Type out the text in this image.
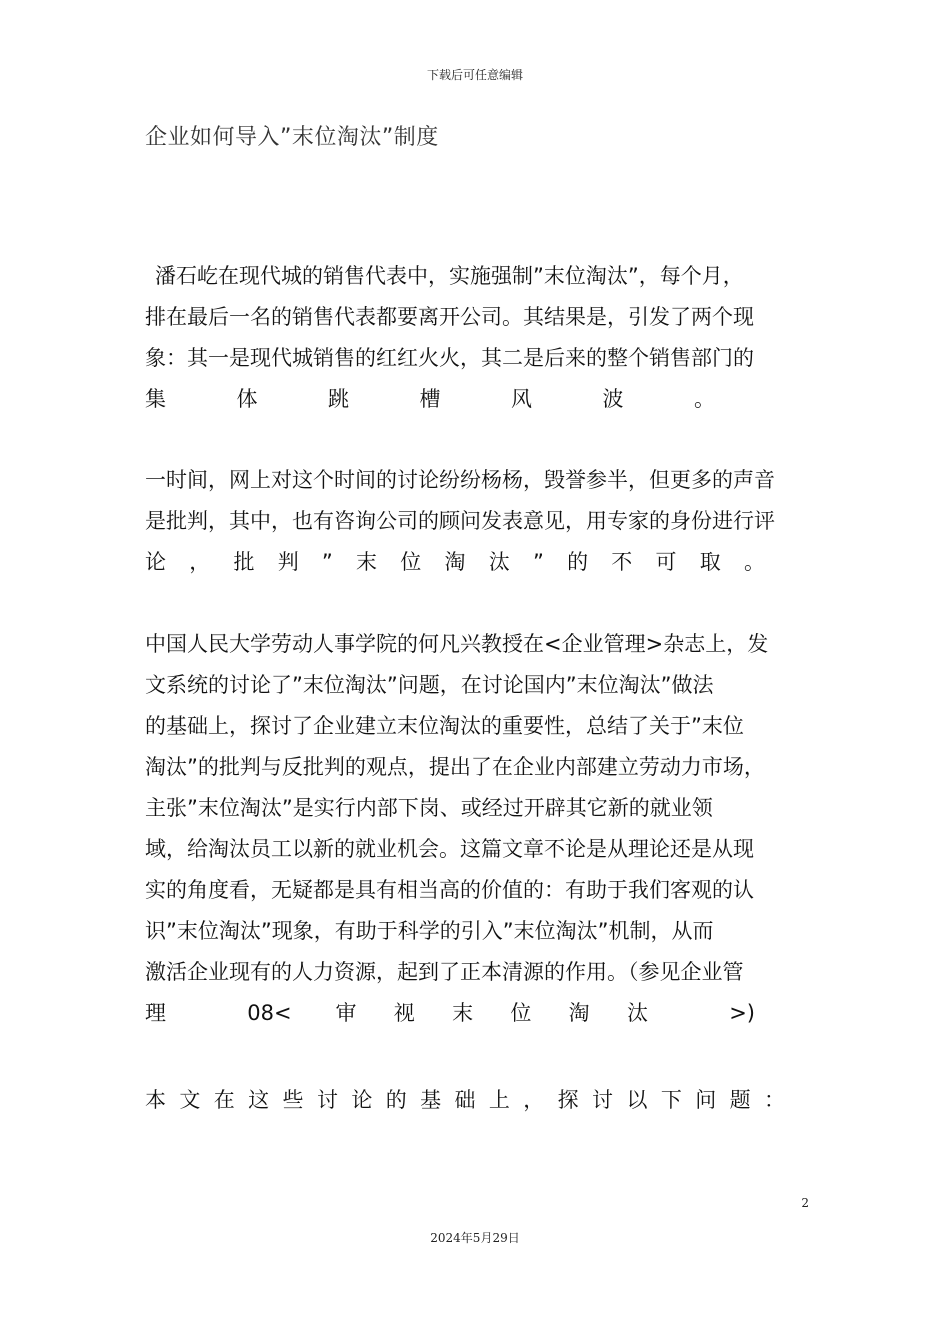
下载后可任意编辑
企业如何导入”末位淘汰”制度
潘石屹在现代城的销售代表中，实施强制”末位淘汰”，每个月，
排在最后一名的销售代表都要离开公司。其结果是，引发了两个现
象：其一是现代城销售的红红火火，其二是后来的整个销售部门的
集体跳槽风波。
一时间，网上对这个时间的讨论纷纷杨杨，毁誉参半，但更多的声音
是批判，其中，也有咨询公司的顾问发表意见，用专家的身份进行评
论，批判”末位淘汰”的不可取。
中国人民大学劳动人事学院的何凡兴教授在<企业管理>杂志上，发
文系统的讨论了”末位淘汰”问题，在讨论国内”末位淘汰”做法
的基础上，探讨了企业建立末位淘汰的重要性，总结了关于”末位
淘汰”的批判与反批判的观点，提出了在企业内部建立劳动力市场，
主张”末位淘汰”是实行内部下岗、或经过开辟其它新的就业领
域，给淘汰员工以新的就业机会。这篇文章不论是从理论还是从现
实的角度看，无疑都是具有相当高的价值的：有助于我们客观的认
识”末位淘汰”现象，有助于科学的引入”末位淘汰”机制，从而
激活企业现有的人力资源，起到了正本清源的作用。（参见企业管
理 08< 审视末位淘汰 >)
本文在这些讨论的基础上，探讨以下问题：
2
2024年5月29日
